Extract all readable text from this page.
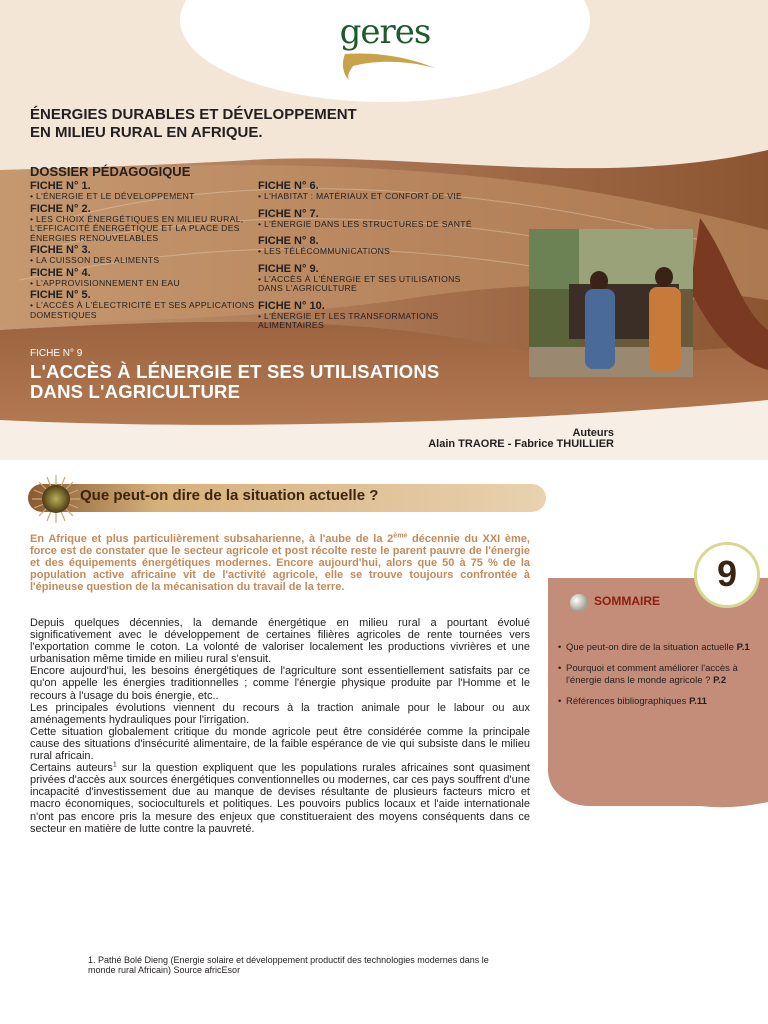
geres
ÉNERGIES DURABLES ET DÉVELOPPEMENT
EN MILIEU RURAL EN AFRIQUE.
DOSSIER PÉDAGOGIQUE
FICHE N° 1.
• L'ÉNERGIE ET LE DÉVELOPPEMENT
FICHE N° 2.
• LES CHOIX ÉNERGÉTIQUES EN MILIEU RURAL, L'EFFICACITÉ ÉNERGÉTIQUE ET LA PLACE DES ÉNERGIES RENOUVELABLES
FICHE N° 3.
• LA CUISSON DES ALIMENTS
FICHE N° 4.
• L'APPROVISIONNEMENT EN EAU
FICHE N° 5.
• L'ACCÈS À L'ÉLECTRICITÉ ET SES APPLICATIONS DOMESTIQUES
FICHE N° 6.
• L'HABITAT : MATÉRIAUX ET CONFORT DE VIE
FICHE N° 7.
• L'ÉNERGIE DANS LES STRUCTURES DE SANTÉ
FICHE N° 8.
• LES TÉLÉCOMMUNICATIONS
FICHE N° 9.
• L'ACCÈS À L'ÉNERGIE ET SES UTILISATIONS DANS L'AGRICULTURE
FICHE N° 10.
• L'ÉNERGIE ET LES TRANSFORMATIONS ALIMENTAIRES
FICHE N° 9
L'ACCÈS À LÉNERGIE ET SES UTILISATIONS
DANS L'AGRICULTURE
Auteurs
Alain TRAORE - Fabrice THUILLIER
Que peut-on dire de la situation actuelle ?
En Afrique et plus particulièrement subsaharienne, à l'aube de la 2ème décennie du XXI ème, force est de constater que le secteur agricole et post récolte reste le parent pauvre de l'énergie et des équipements énergétiques modernes. Encore aujourd'hui, alors que 50 à 75 % de la population active africaine vit de l'activité agricole, elle se trouve toujours confrontée à l'épineuse question de la mécanisation du travail de la terre.

Depuis quelques décennies, la demande énergétique en milieu rural a pourtant évolué significativement avec le développement de certaines filières agricoles de rente tournées vers l'exportation comme le coton. La volonté de valoriser localement les productions vivrières et une urbanisation même timide en milieu rural s'ensuit.

Encore aujourd'hui, les besoins énergétiques de l'agriculture sont essentiellement satisfaits par ce qu'on appelle les énergies traditionnelles ; comme l'énergie physique produite par l'Homme et le recours à l'usage du bois énergie, etc..

Les principales évolutions viennent du recours à la traction animale pour le labour ou aux aménagements hydrauliques pour l'irrigation.

Cette situation globalement critique du monde agricole peut être considérée comme la principale cause des situations d'insécurité alimentaire, de la faible espérance de vie qui subsiste dans le milieu rural africain.

Certains auteurs$^1$ sur la question expliquent que les populations rurales africaines sont quasiment privées d'accès aux sources énergétiques conventionnelles ou modernes, car ces pays souffrent d'une incapacité d'investissement due au manque de devises résultante de plusieurs facteurs micro et macro économiques, socioculturels et politiques. Les pouvoirs publics locaux et l'aide internationale n'ont pas encore pris la mesure des enjeux que constitueraient des moyens conséquents dans ce secteur en matière de lutte contre la pauvreté.

9
SOMMAIRE
• Que peut-on dire de la situation actuelle P.1
• Pourquoi et comment améliorer l'accès à l'énergie dans le monde agricole ? P.2
• Références bibliographiques P.11
1. Pathé Bolé Dieng (Energie solaire et développement productif des technologies modernes dans le monde rural Africain) Source africEsor
